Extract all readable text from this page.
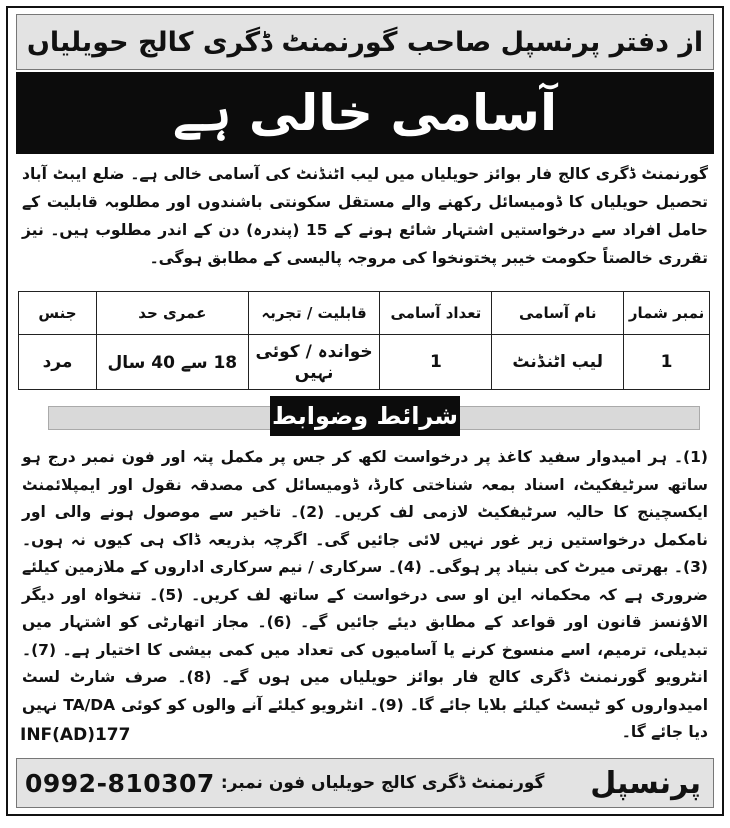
از دفتر پرنسپل صاحب گورنمنٹ ڈگری کالج حویلیاں
آسامی خالی ہے

گورنمنٹ ڈگری کالج فار بوائز حویلیاں میں لیب اٹنڈنٹ کی آسامی خالی ہے۔ ضلع ایبٹ آباد تحصیل حویلیاں کا ڈومیسائل رکھنے والے مستقل سکونتی باشندوں اور مطلوبہ قابلیت کے حامل افراد سے درخواستیں اشتہار شائع ہونے کے 15 (پندرہ) دن کے اندر مطلوب ہیں۔ نیز تقرری خالصتاً حکومت خیبر پختونخوا کی مروجہ پالیسی کے مطابق ہوگی۔

نمبر شمار	نام آسامی	تعداد آسامی	قابلیت / تجربہ	عمری حد	جنس
1	لیب اٹنڈنٹ	1	خواندہ / کوئی نہیں	18 سے 40 سال	مرد
شرائط وضوابط

(1)۔ ہر امیدوار سفید کاغذ پر درخواست لکھ کر جس پر مکمل پتہ اور فون نمبر درج ہو ساتھ سرٹیفکیٹ، اسناد بمعہ شناختی کارڈ، ڈومیسائل کی مصدقہ نقول اور ایمپلائمنٹ ایکسچینج کا حالیہ سرٹیفکیٹ لازمی لف کریں۔ (2)۔ تاخیر سے موصول ہونے والی اور نامکمل درخواستیں زیر غور نہیں لائی جائیں گی۔ اگرچہ بذریعہ ڈاک ہی کیوں نہ ہوں۔ (3)۔ بھرتی میرٹ کی بنیاد پر ہوگی۔ (4)۔ سرکاری / نیم سرکاری اداروں کے ملازمین کیلئے ضروری ہے کہ محکمانہ این او سی درخواست کے ساتھ لف کریں۔ (5)۔ تنخواہ اور دیگر الاؤنسز قانون اور قواعد کے مطابق دیئے جائیں گے۔ (6)۔ مجاز اتھارٹی کو اشتہار میں تبدیلی، ترمیم، اسے منسوخ کرنے یا آسامیوں کی تعداد میں کمی بیشی کا اختیار ہے۔ (7)۔ انٹرویو گورنمنٹ ڈگری کالج فار بوائز حویلیاں میں ہوں گے۔ (8)۔ صرف شارٹ لسٹ امیدواروں کو ٹیسٹ کیلئے بلایا جائے گا۔ (9)۔ انٹرویو کیلئے آنے والوں کو کوئی TA/DA نہیں دیا جائے گا۔

INF(AD)177
0992-810307 گورنمنٹ ڈگری کالج حویلیاں فون نمبر: پرنسپل
